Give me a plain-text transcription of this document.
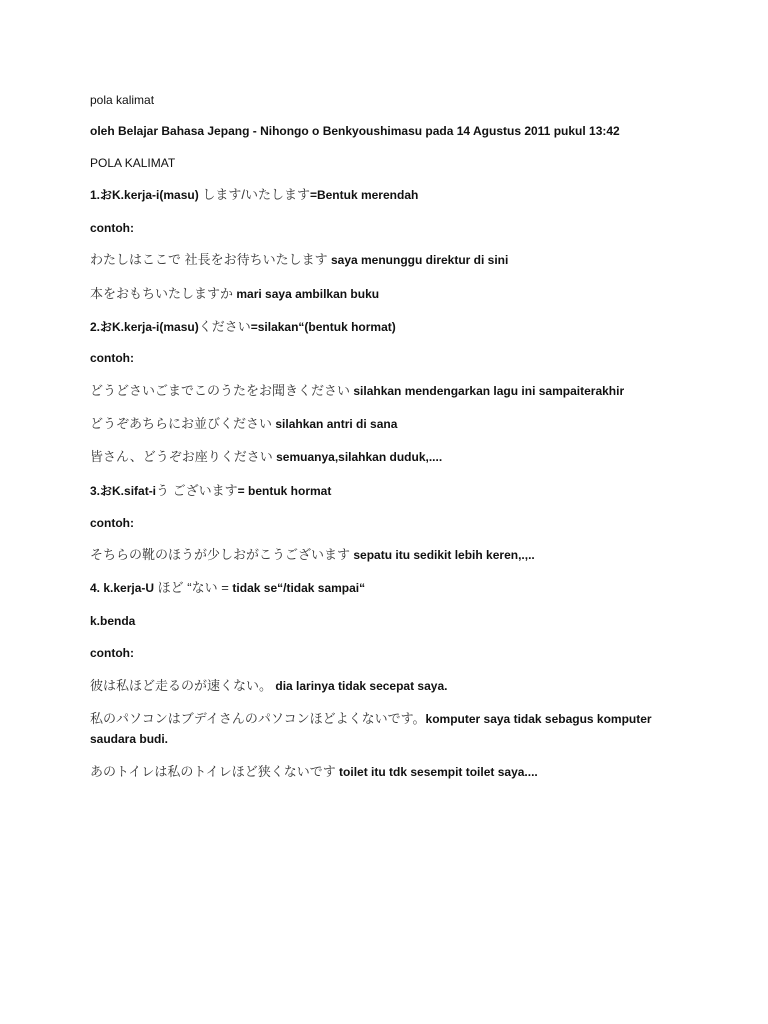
pola kalimat
oleh Belajar Bahasa Jepang - Nihongo o Benkyoushimasu pada 14 Agustus 2011 pukul 13:42
POLA KALIMAT
1.おK.kerja-i(masu) します/いたします=Bentuk merendah
contoh:
わたしはここで 社長をお待ちいたします saya menunggu direktur di sini
本をおもちいたしますか mari saya ambilkan buku
2.おK.kerja-i(masu)ください=silakan“(bentuk hormat)
contoh:
どうどさいごまでこのうたをお聞きください silahkan mendengarkan lagu ini sampaiterakhir
どうぞあちらにお並びください silahkan antri di sana
皆さん、どうぞお座りください semuanya,silahkan duduk,....
3.おK.sifat-iう ございます= bentuk hormat
contoh:
そちらの靴のほうが少しおがこうございます sepatu itu sedikit lebih keren,.,..
4. k.kerja-U ほど “ない = tidak se“/tidak sampai“
k.benda
contoh:
彼は私ほど走るのが速くない。 dia larinya tidak secepat saya.
私のパソコンはブデイさんのパソコンほどよくないです。komputer saya tidak sebagus komputer saudara budi.
あのトイレは私のトイレほど狭くないです toilet itu tdk sesempit toilet saya....
